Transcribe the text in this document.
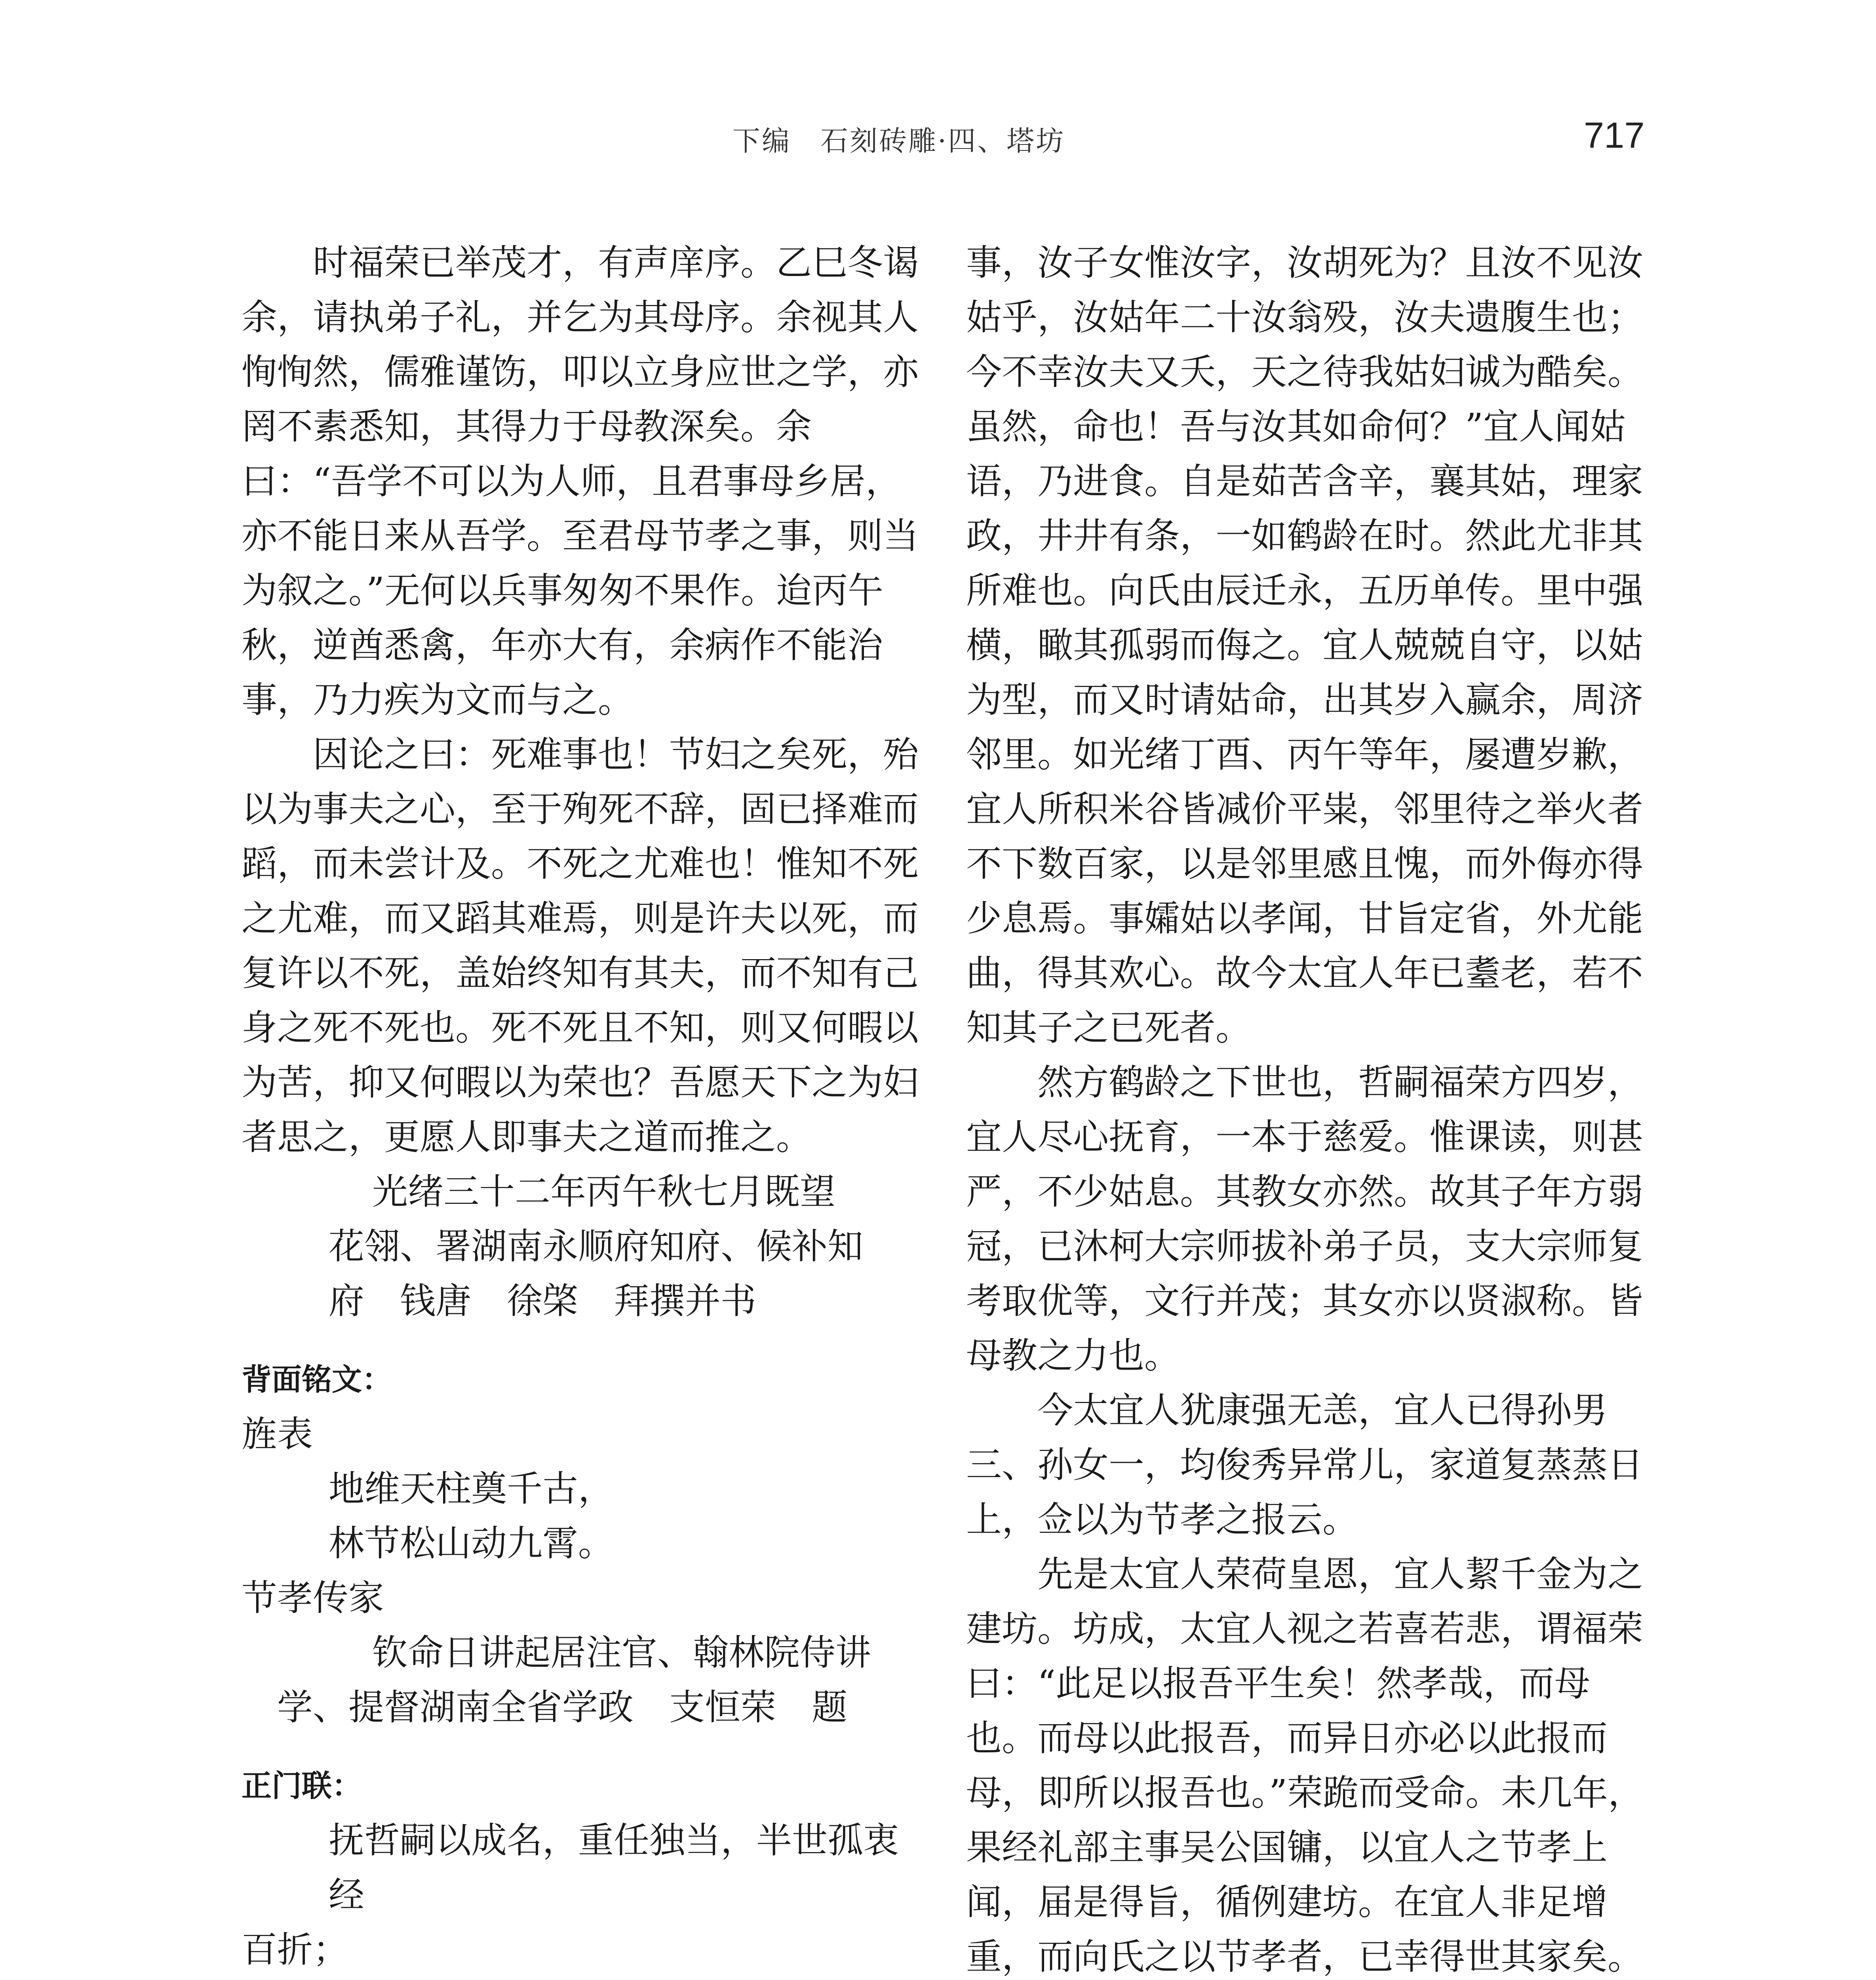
下编　石刻砖雕·四、塔坊	717

时福荣已举茂才，有声庠序。乙巳冬谒余，请执弟子礼，并乞为其母序。余视其人恂恂然，儒雅谨饬，叩以立身应世之学，亦罔不素悉知，其得力于母教深矣。余曰：“吾学不可以为人师，且君事母乡居，亦不能日来从吾学。至君母节孝之事，则当为叙之。”无何以兵事匆匆不果作。迨丙午秋，逆酋悉禽，年亦大有，余病作不能治事，乃力疾为文而与之。

因论之曰：死难事也！节妇之矣死，殆以为事夫之心，至于殉死不辞，固已择难而蹈，而未尝计及。不死之尤难也！惟知不死之尤难，而又蹈其难焉，则是许夫以死，而复许以不死，盖始终知有其夫，而不知有己身之死不死也。死不死且不知，则又何暇以为苦，抑又何暇以为荣也？吾愿天下之为妇者思之，更愿人即事夫之道而推之。

光绪三十二年丙午秋七月既望

花翎、署湖南永顺府知府、候补知

府　钱唐　徐棨　拜撰并书

背面铭文：

旌表

地维天柱奠千古，

林节松山动九霄。

节孝传家

钦命日讲起居注官、翰林院侍讲

学、提督湖南全省学政　支恒荣　题

正门联：

抚哲嗣以成名，重任独当，半世孤衷经

百折；

事，汝子女惟汝字，汝胡死为？且汝不见汝姑乎，汝姑年二十汝翁殁，汝夫遗腹生也；今不幸汝夫又夭，天之待我姑妇诚为酷矣。虽然，命也！吾与汝其如命何？”宜人闻姑语，乃进食。自是茹苦含辛，襄其姑，理家政，井井有条，一如鹤龄在时。然此尤非其所难也。向氏由辰迁永，五历单传。里中强横，瞰其孤弱而侮之。宜人兢兢自守，以姑为型，而又时请姑命，出其岁入赢余，周济邻里。如光绪丁酉、丙午等年，屡遭岁歉，宜人所积米谷皆减价平粜，邻里待之举火者不下数百家，以是邻里感且愧，而外侮亦得少息焉。事孀姑以孝闻，甘旨定省，外尤能曲，得其欢心。故今太宜人年已耋老，若不知其子之已死者。

然方鹤龄之下世也，哲嗣福荣方四岁，宜人尽心抚育，一本于慈爱。惟课读，则甚严，不少姑息。其教女亦然。故其子年方弱冠，已沐柯大宗师拔补弟子员，支大宗师复考取优等，文行并茂；其女亦以贤淑称。皆母教之力也。

今太宜人犹康强无恙，宜人已得孙男三、孙女一，均俊秀异常儿，家道复蒸蒸日上，佥以为节孝之报云。

先是太宜人荣荷皇恩，宜人絜千金为之建坊。坊成，太宜人视之若喜若悲，谓福荣曰：“此足以报吾平生矣！然孝哉，而母也。而母以此报吾，而异日亦必以此报而母，即所以报吾也。”荣跪而受命。未几年，果经礼部主事吴公国镛，以宜人之节孝上闻，届是得旨，循例建坊。在宜人非足增重，而向氏之以节孝者，已幸得世其家矣。
